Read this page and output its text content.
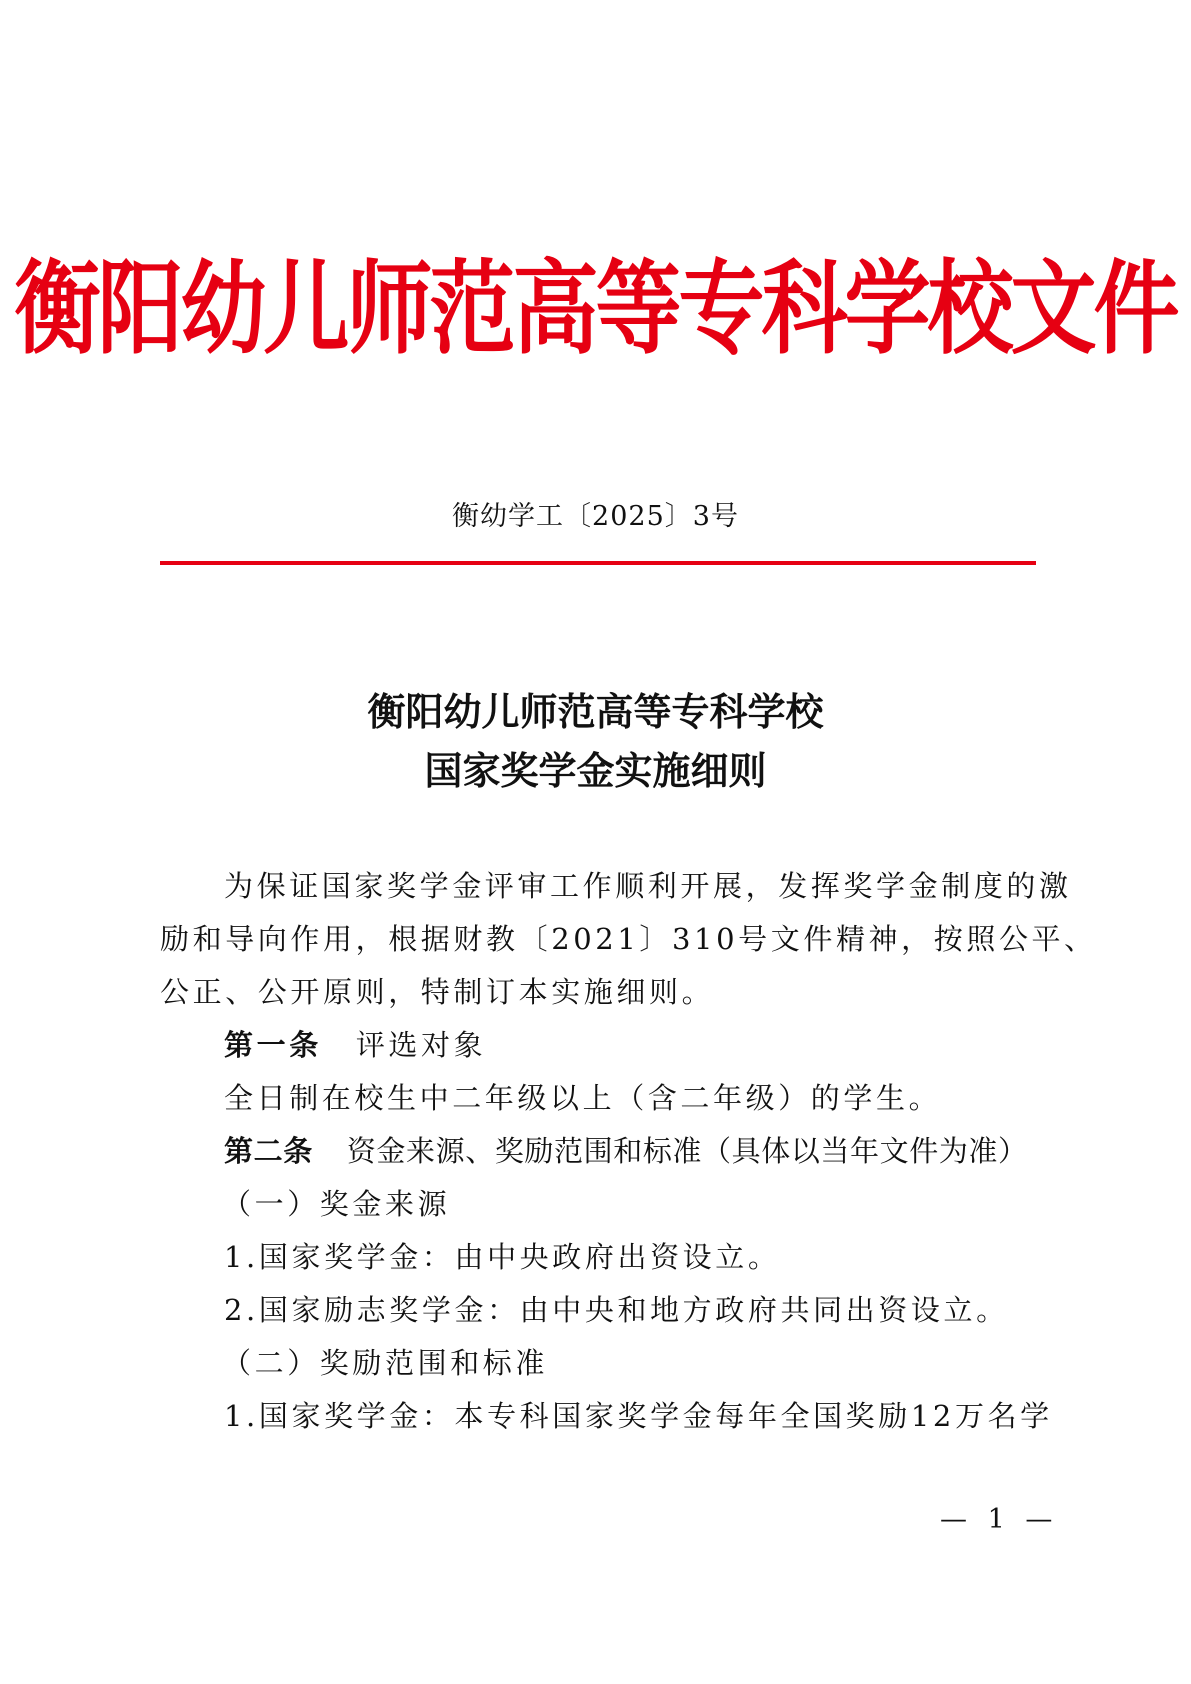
衡阳幼儿师范高等专科学校文件
衡幼学工〔2025〕3号
衡阳幼儿师范高等专科学校
国家奖学金实施细则
为保证国家奖学金评审工作顺利开展，发挥奖学金制度的激
励和导向作用，根据财教〔2021〕310号文件精神，按照公平、
公正、公开原则，特制订本实施细则。
第一条 评选对象
全日制在校生中二年级以上（含二年级）的学生。
第二条 资金来源、奖励范围和标准（具体以当年文件为准）
（一）奖金来源
1.国家奖学金：由中央政府出资设立。
2.国家励志奖学金：由中央和地方政府共同出资设立。
（二）奖励范围和标准
1.国家奖学金：本专科国家奖学金每年全国奖励12万名学
— 1 —
